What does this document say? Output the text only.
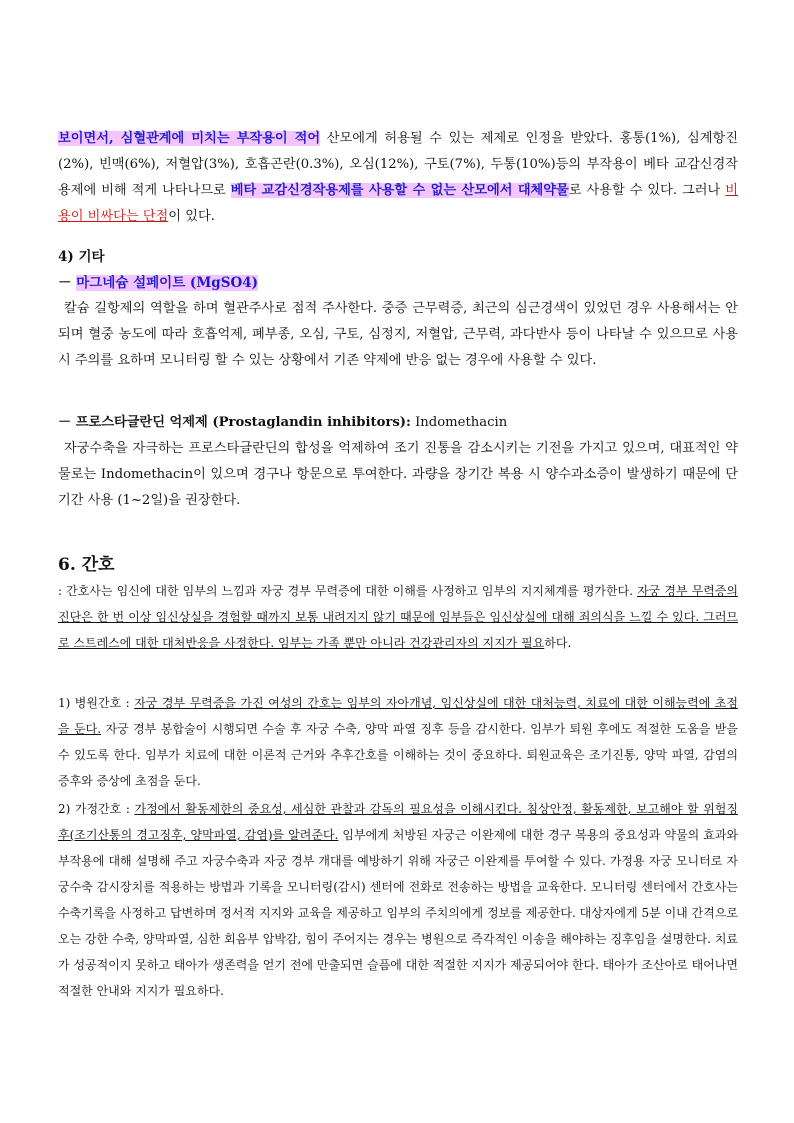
보이면서, 심혈관계에 미치는 부작용이 적어 산모에게 허용될 수 있는 제제로 인정을 받았다. 홍통(1%), 심계항진(2%), 빈맥(6%), 저혈압(3%), 호흡곤란(0.3%), 오심(12%), 구토(7%), 두통(10%)등의 부작용이 베타 교감신경작용제에 비해 적게 나타나므로 베타 교감신경작용제를 사용할 수 없는 산모에서 대체약물로 사용할 수 있다. 그러나 비용이 비싸다는 단점이 있다.

4) 기타

－ 마그네슘 설페이트 (MgSO4)

칼슘 길항제의 역할을 하며 혈관주사로 점적 주사한다. 중증 근무력증, 최근의 심근경색이 있었던 경우 사용해서는 안되며 혈중 농도에 따라 호흡억제, 폐부종, 오심, 구토, 심정지, 저혈압, 근무력, 과다반사 등이 나타날 수 있으므로 사용 시 주의를 요하며 모니터링 할 수 있는 상황에서 기존 약제에 반응 없는 경우에 사용할 수 있다.

－ 프로스타글란딘 억제제 (Prostaglandin inhibitors): Indomethacin

자궁수축을 자극하는 프로스타글란딘의 합성을 억제하여 조기 진통을 감소시키는 기전을 가지고 있으며, 대표적인 약물로는 Indomethacin이 있으며 경구나 항문으로 투여한다. 과량을 장기간 복용 시 양수과소증이 발생하기 때문에 단기간 사용 (1~2일)을 권장한다.

6. 간호

: 간호사는 임신에 대한 임부의 느낌과 자궁 경부 무력증에 대한 이해를 사정하고 임부의 지지체계를 평가한다. 자궁 경부 무력증의 진단은 한 번 이상 임신상실을 경험할 때까지 보통 내려지지 않기 때문에 임부들은 임신상실에 대해 죄의식을 느낄 수 있다. 그러므로 스트레스에 대한 대처반응을 사정한다. 임부는 가족 뿐만 아니라 건강관리자의 지지가 필요하다.

1) 병원간호 : 자궁 경부 무력증을 가진 여성의 간호는 임부의 자아개념, 임신상실에 대한 대처능력, 치료에 대한 이해능력에 초점을 둔다. 자궁 경부 봉합술이 시행되면 수술 후 자궁 수축, 양막 파열 징후 등을 감시한다. 임부가 퇴원 후에도 적절한 도움을 받을 수 있도록 한다. 임부가 치료에 대한 이론적 근거와 추후간호를 이해하는 것이 중요하다. 퇴원교육은 조기진통, 양막 파열, 감염의 증후와 증상에 초점을 둔다.

2) 가정간호 : 가정에서 활동제한의 중요성, 세심한 관찰과 감독의 필요성을 이해시킨다. 침상안정, 활동제한, 보고해야 할 위험징후(조기산통의 경고징후, 양막파열, 감염)를 알려준다. 임부에게 처방된 자궁근 이완제에 대한 경구 복용의 중요성과 약물의 효과와 부작용에 대해 설명해 주고 자궁수축과 자궁 경부 개대를 예방하기 위해 자궁근 이완제를 투여할 수 있다. 가정용 자궁 모니터로 자궁수축 감시장치를 적용하는 방법과 기록을 모니터링(감시) 센터에 전화로 전송하는 방법을 교육한다. 모니터링 센터에서 간호사는 수축기록을 사정하고 답변하며 정서적 지지와 교육을 제공하고 임부의 주치의에게 정보를 제공한다. 대상자에게 5분 이내 간격으로 오는 강한 수축, 양막파열, 심한 회음부 압박감, 힘이 주어지는 경우는 병원으로 즉각적인 이송을 해야하는 징후임을 설명한다. 치료가 성공적이지 못하고 태아가 생존력을 얻기 전에 만출되면 슬픔에 대한 적절한 지지가 제공되어야 한다. 태아가 조산아로 태어나면 적절한 안내와 지지가 필요하다.
